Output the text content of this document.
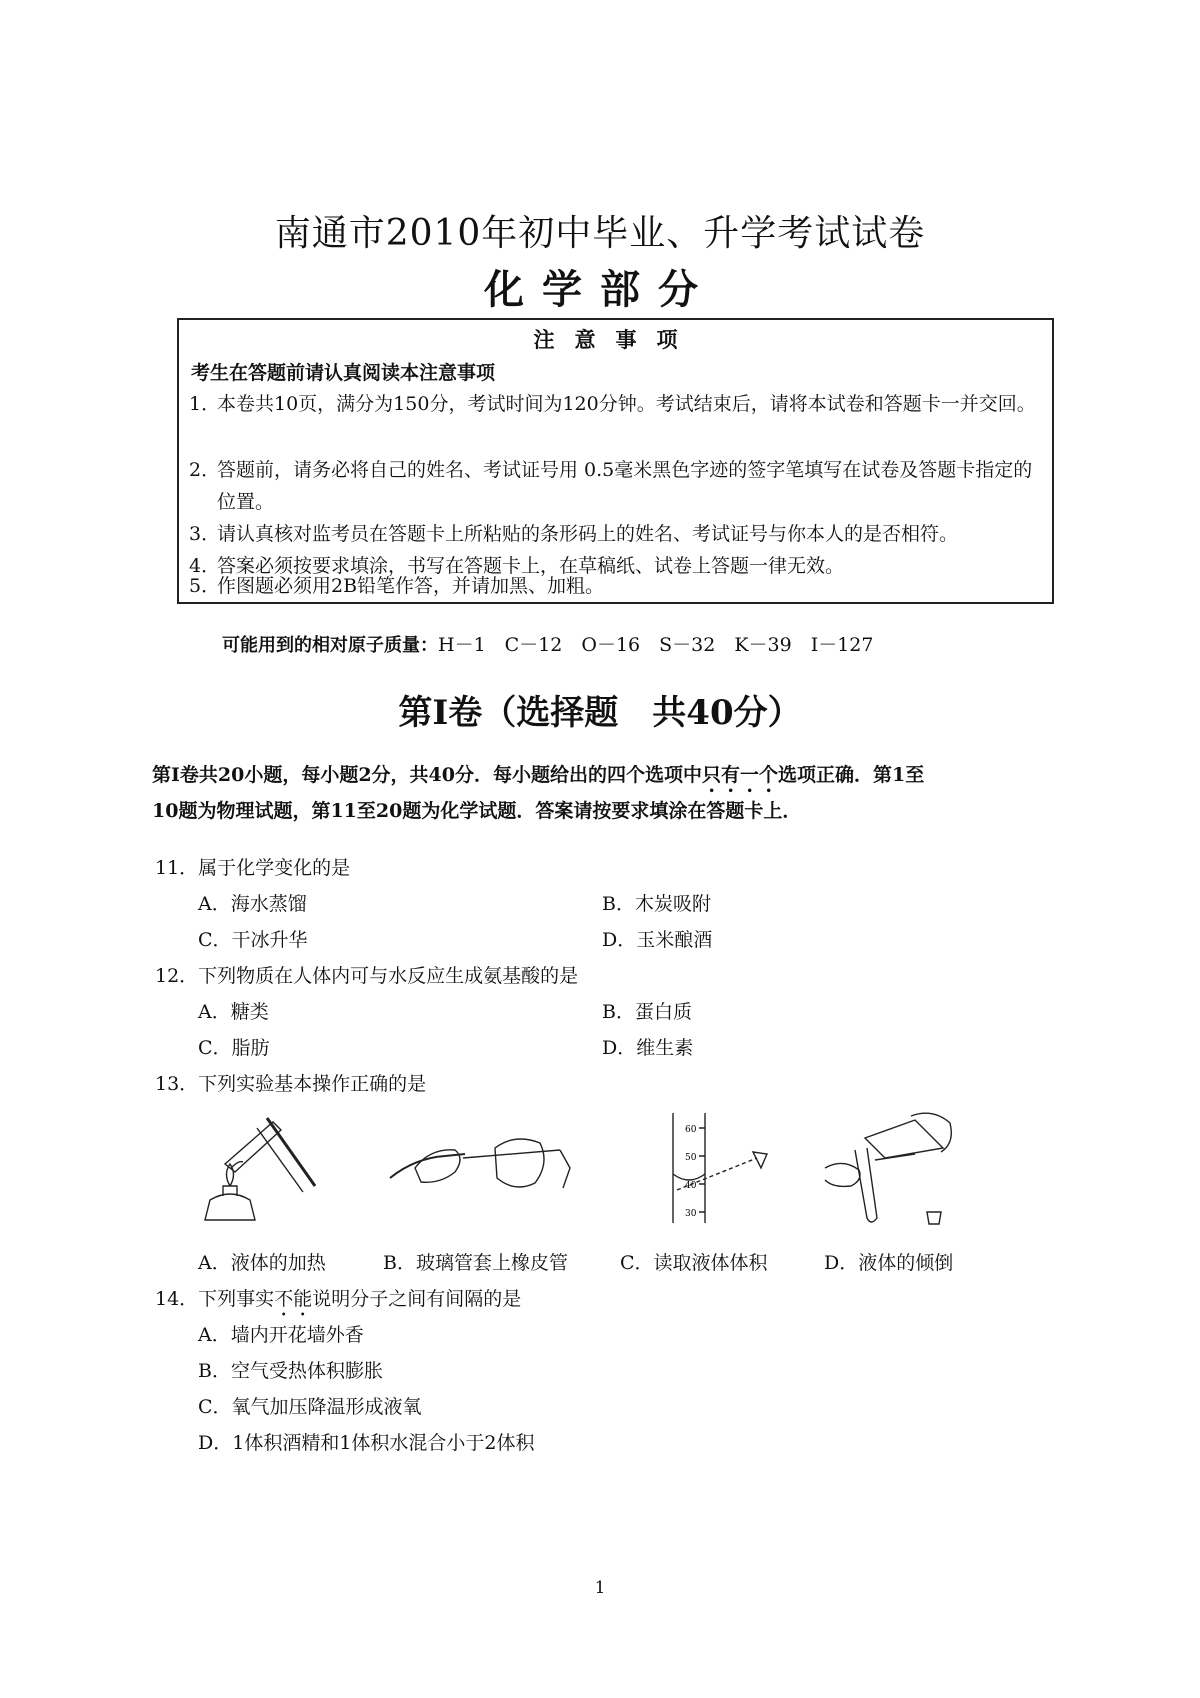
南通市2010年初中毕业、升学考试试卷
化学部分
注意事项
考生在答题前请认真阅读本注意事项
1．
本卷共10页，满分为150分，考试时间为120分钟。考试结束后，请将本试卷和答题卡一并交回。
2．
答题前，请务必将自己的姓名、考试证号用 0.5毫米黑色字迹的签字笔填写在试卷及答题卡指定的位置。
3．
请认真核对监考员在答题卡上所粘贴的条形码上的姓名、考试证号与你本人的是否相符。
4．
答案必须按要求填涂，书写在答题卡上，在草稿纸、试卷上答题一律无效。
5．
作图题必须用2B铅笔作答，并请加黑、加粗。
可能用到的相对原子质量：H－1　C－12　O－16　S－32　K－39　I－127
第Ⅰ卷（选择题　共40分）
第Ⅰ卷共20小题，每小题2分，共40分．每小题给出的四个选项中只有一个选项正确．第1至
10题为物理试题，第11至20题为化学试题．答案请按要求填涂在答题卡上．
11．属于化学变化的是
A．海水蒸馏	B．木炭吸附
C．干冰升华	D．玉米酿酒
12．下列物质在人体内可与水反应生成氨基酸的是
A．糖类	B．蛋白质
C．脂肪	D．维生素
13．下列实验基本操作正确的是
60
50
40
30
A．液体的加热	B．玻璃管套上橡皮管	C．读取液体体积	D．液体的倾倒
14．下列事实不能说明分子之间有间隔的是
A．墙内开花墙外香
B．空气受热体积膨胀
C．氧气加压降温形成液氧
D．1体积酒精和1体积水混合小于2体积
1
